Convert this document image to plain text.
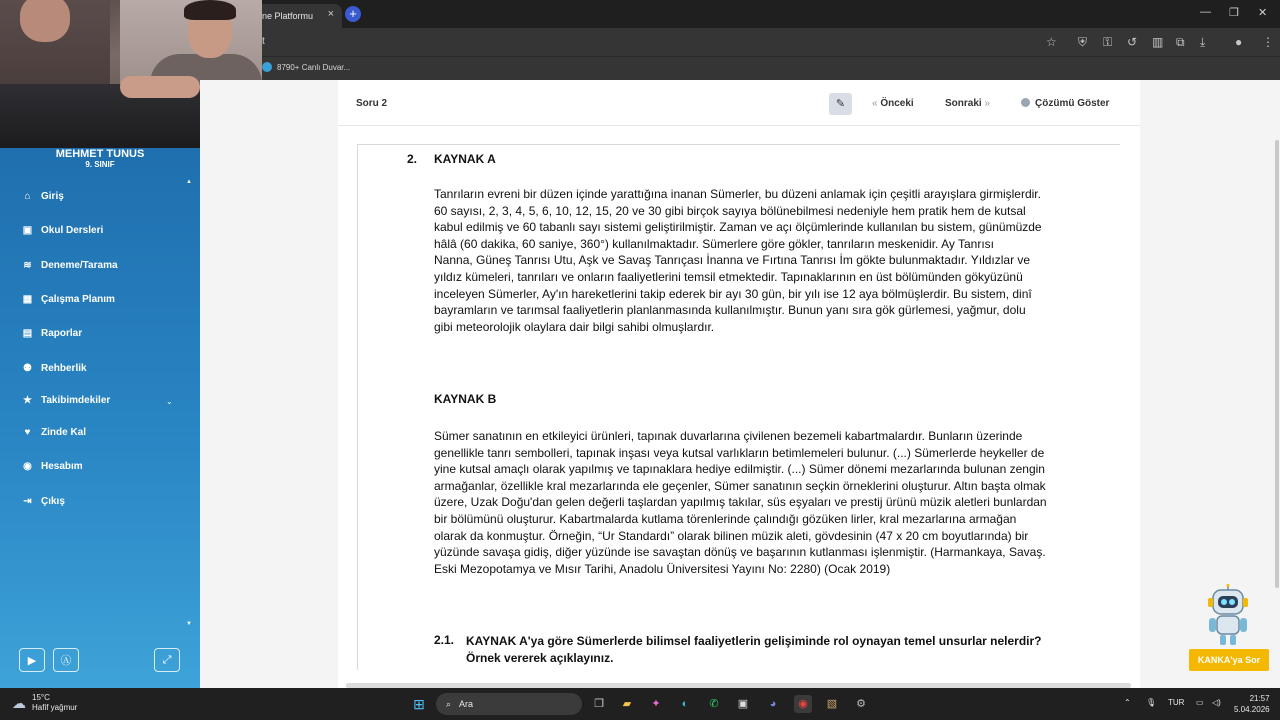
ne Platformu ×	+	— ❐ ✕
t	☆ ⛨ ⚿ ↺ ▥ ⧉ ⤓ ● ⋮
8790+ Canlı Duvar...
MEHMET TUNUS
9. SINIF
▲
⌂ Giriş
▣ Okul Dersleri
≋ Deneme/Tarama
▦ Çalışma Planım
▤ Raporlar
⚉ Rehberlik
★ Takibimdekiler	⌄
♥ Zinde Kal
◉ Hesabım
⇥ Çıkış
▼
▶ Ⓐ	⤢
Soru 2	✎	« Önceki	Sonraki »	Çözümü Göster
2. KAYNAK A
Tanrıların evreni bir düzen içinde yarattığına inanan Sümerler, bu düzeni anlamak için çeşitli arayışlara girmişlerdir.
60 sayısı, 2, 3, 4, 5, 6, 10, 12, 15, 20 ve 30 gibi birçok sayıya bölünebilmesi nedeniyle hem pratik hem de kutsal
kabul edilmiş ve 60 tabanlı sayı sistemi geliştirilmiştir. Zaman ve açı ölçümlerinde kullanılan bu sistem, günümüzde
hâlâ (60 dakika, 60 saniye, 360°) kullanılmaktadır. Sümerlere göre gökler, tanrıların meskenidir. Ay Tanrısı
Nanna, Güneş Tanrısı Utu, Aşk ve Savaş Tanrıçası İnanna ve Fırtına Tanrısı İm gökte bulunmaktadır. Yıldızlar ve
yıldız kümeleri, tanrıları ve onların faaliyetlerini temsil etmektedir. Tapınaklarının en üst bölümünden gökyüzünü
inceleyen Sümerler, Ay'ın hareketlerini takip ederek bir ayı 30 gün, bir yılı ise 12 aya bölmüşlerdir. Bu sistem, dinî
bayramların ve tarımsal faaliyetlerin planlanmasında kullanılmıştır. Bunun yanı sıra gök gürlemesi, yağmur, dolu
gibi meteorolojik olaylara dair bilgi sahibi olmuşlardır.
KAYNAK B
Sümer sanatının en etkileyici ürünleri, tapınak duvarlarına çivilenen bezemeli kabartmalardır. Bunların üzerinde
genellikle tanrı sembolleri, tapınak inşası veya kutsal varlıkların betimlemeleri bulunur. (...) Sümerlerde heykeller de
yine kutsal amaçlı olarak yapılmış ve tapınaklara hediye edilmiştir. (...) Sümer dönemi mezarlarında bulunan zengin
armağanlar, özellikle kral mezarlarında ele geçenler, Sümer sanatının seçkin örneklerini oluşturur. Altın başta olmak
üzere, Uzak Doğu'dan gelen değerli taşlardan yapılmış takılar, süs eşyaları ve prestij ürünü müzik aletleri bunlardan
bir bölümünü oluşturur. Kabartmalarda kutlama törenlerinde çalındığı gözüken lirler, kral mezarlarına armağan
olarak da konmuştur. Örneğin, “Ur Standardı” olarak bilinen müzik aleti, gövdesinin (47 x 20 cm boyutlarında) bir
yüzünde savaşa gidiş, diğer yüzünde ise savaştan dönüş ve başarının kutlanması işlenmiştir. (Harmankaya, Savaş.
Eski Mezopotamya ve Mısır Tarihi, Anadolu Üniversitesi Yayını No: 2280) (Ocak 2019)
2.1. KAYNAK A'ya göre Sümerlerde bilimsel faaliyetlerin gelişiminde rol oynayan temel unsurlar nelerdir?
Örnek vererek açıklayınız.	KANKA'ya Sor
☁ 15°C
Hafif yağmur	⊞	⌕ Ara	❐	▰	✦	◐	✆	▣	◕	◉	▧	⚙	⌃ 🎙 TUR ▭ ◁)	21:57
5.04.2026
